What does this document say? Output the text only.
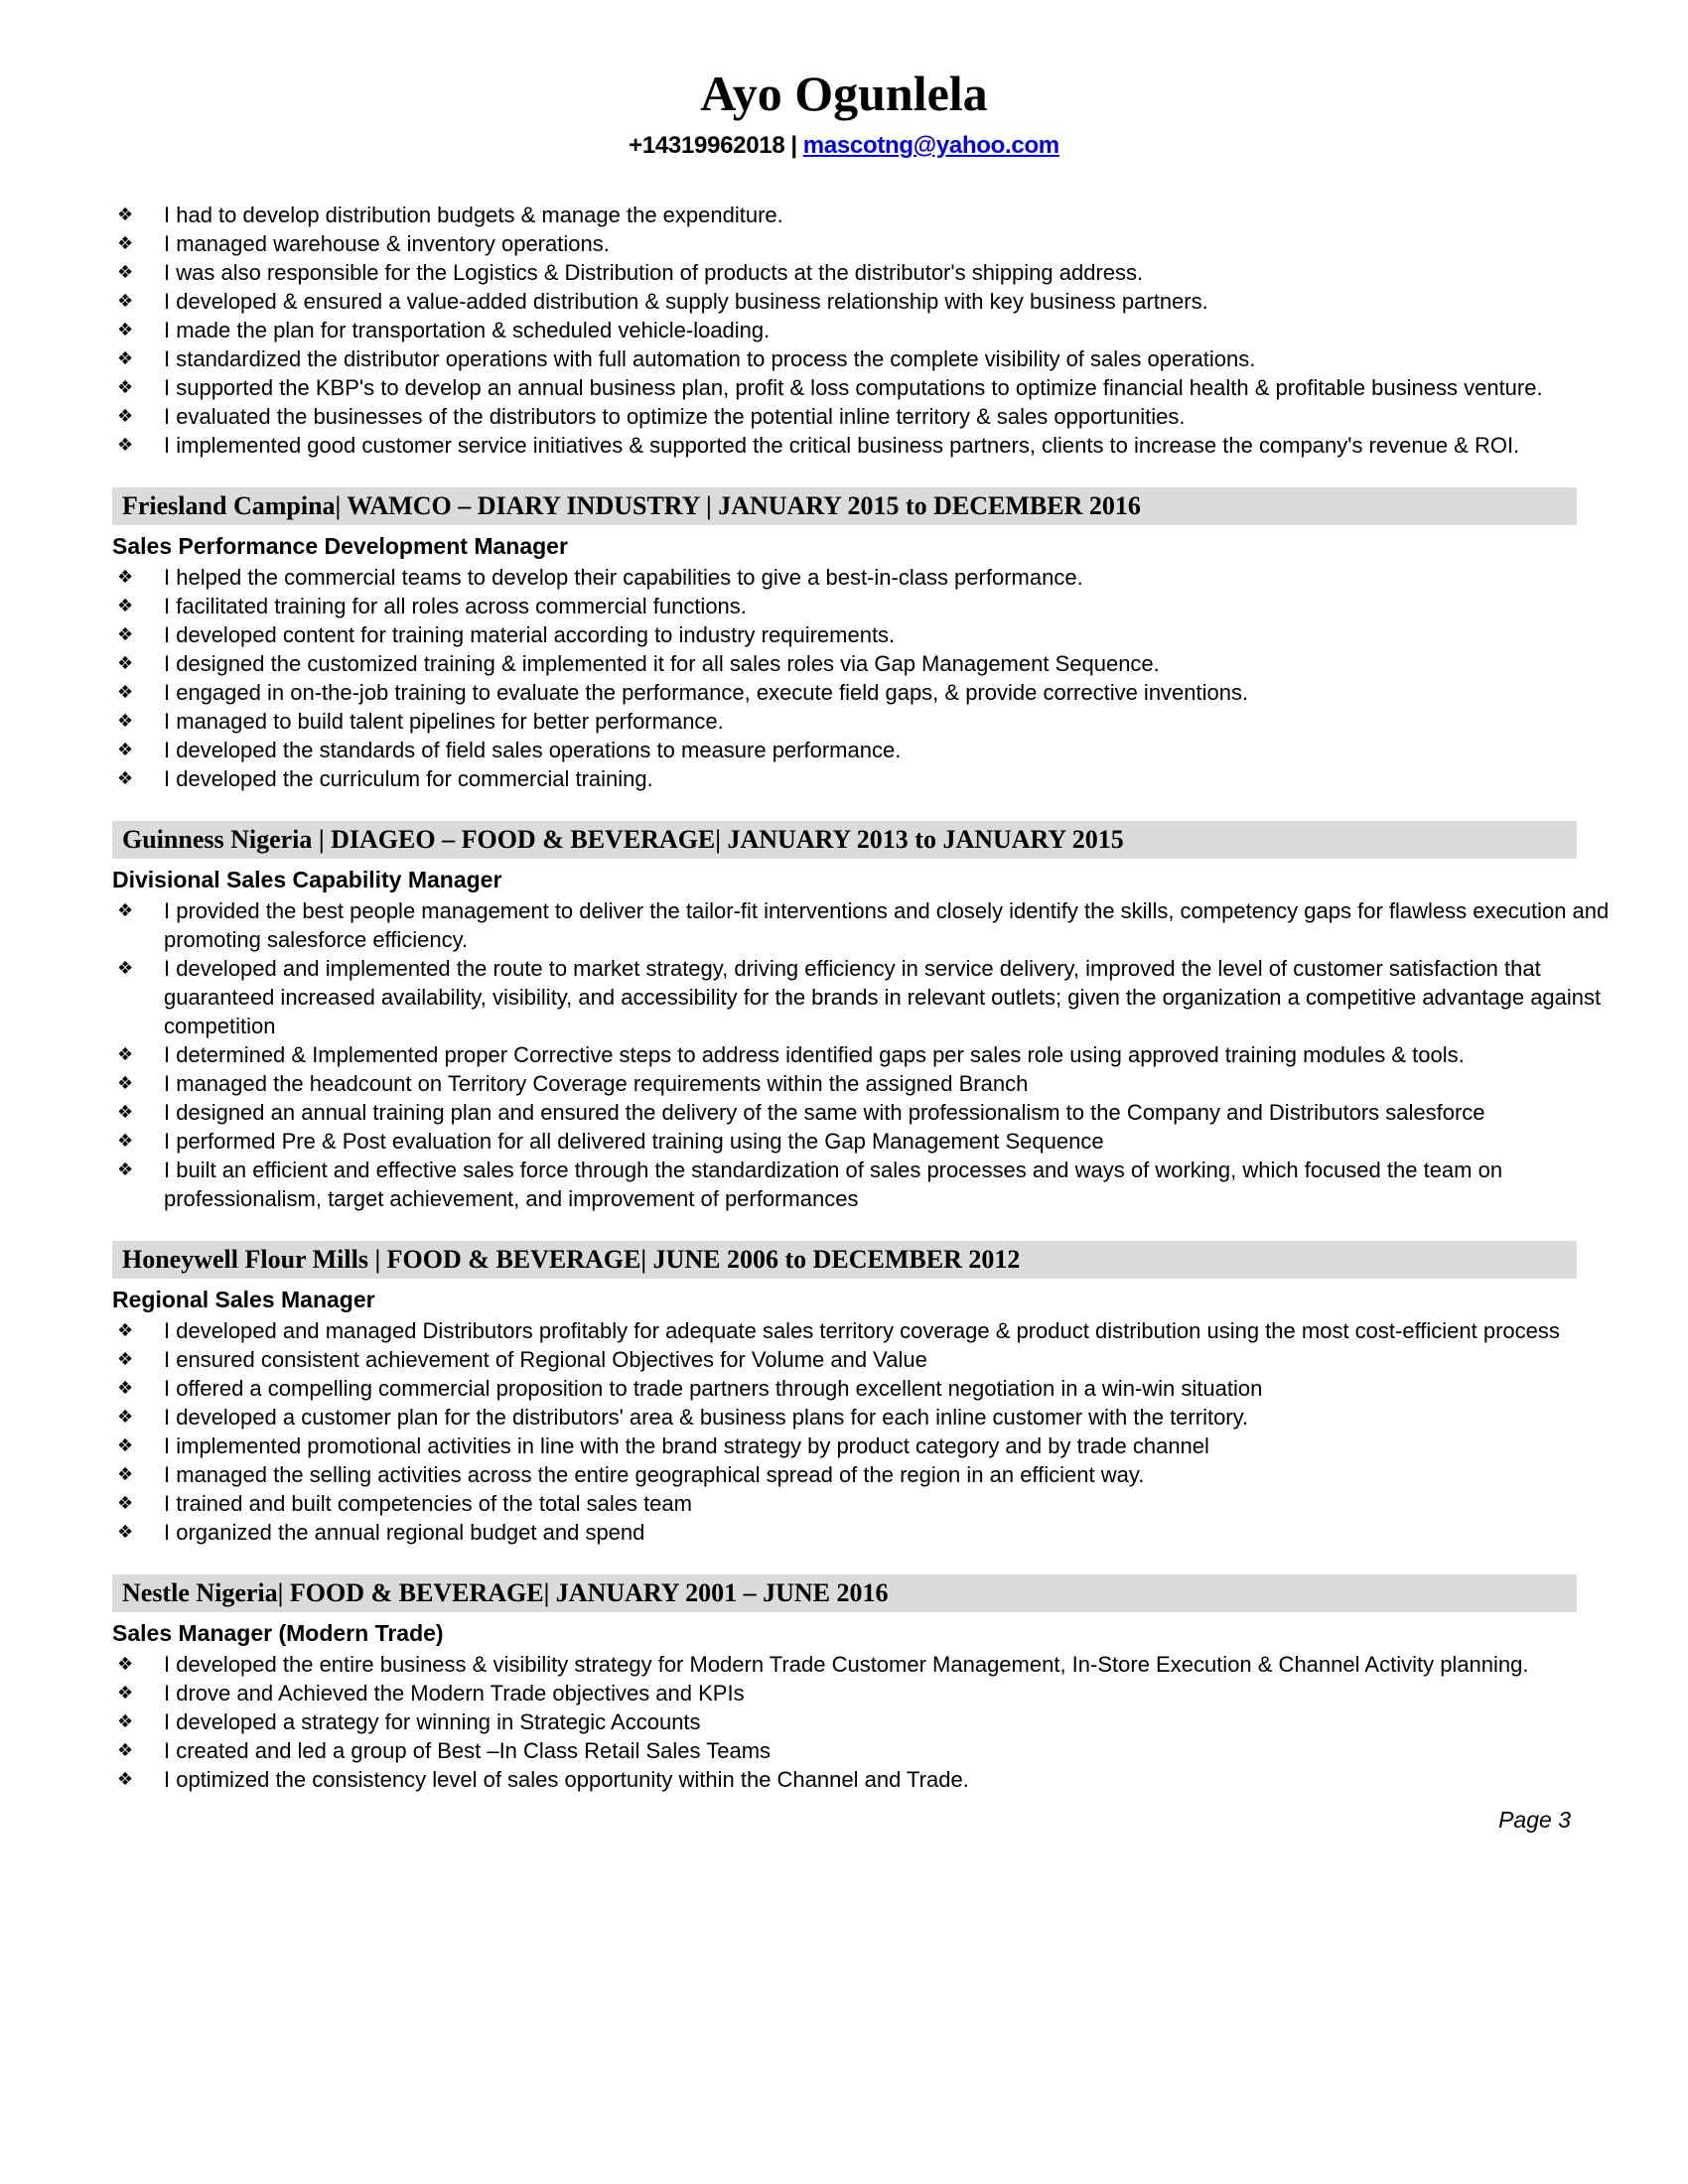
Ayo Ogunlela
+14319962018 | mascotng@yahoo.com
❖	I had to develop distribution budgets & manage the expenditure.
❖	I managed warehouse & inventory operations.
❖	I was also responsible for the Logistics & Distribution of products at the distributor's shipping address.
❖	I developed & ensured a value-added distribution & supply business relationship with key business partners.
❖	I made the plan for transportation & scheduled vehicle-loading.
❖	I standardized the distributor operations with full automation to process the complete visibility of sales operations.
❖	I supported the KBP's to develop an annual business plan, profit & loss computations to optimize financial health & profitable business venture.
❖	I evaluated the businesses of the distributors to optimize the potential inline territory & sales opportunities.
❖	I implemented good customer service initiatives & supported the critical business partners, clients to increase the company's revenue & ROI.
Friesland Campina| WAMCO – DIARY INDUSTRY | JANUARY 2015 to DECEMBER 2016
Sales Performance Development Manager
❖	I helped the commercial teams to develop their capabilities to give a best-in-class performance.
❖	I facilitated training for all roles across commercial functions.
❖	I developed content for training material according to industry requirements.
❖	I designed the customized training & implemented it for all sales roles via Gap Management Sequence.
❖	I engaged in on-the-job training to evaluate the performance, execute field gaps, & provide corrective inventions.
❖	I managed to build talent pipelines for better performance.
❖	I developed the standards of field sales operations to measure performance.
❖	I developed the curriculum for commercial training.
Guinness Nigeria | DIAGEO – FOOD & BEVERAGE| JANUARY 2013 to JANUARY 2015
Divisional Sales Capability Manager
❖	I provided the best people management to deliver the tailor-fit interventions and closely identify the skills, competency gaps for flawless execution and promoting salesforce efficiency.
❖	I developed and implemented the route to market strategy, driving efficiency in service delivery, improved the level of customer satisfaction that guaranteed increased availability, visibility, and accessibility for the brands in relevant outlets; given the organization a competitive advantage against competition
❖	I determined & Implemented proper Corrective steps to address identified gaps per sales role using approved training modules & tools.
❖	I managed the headcount on Territory Coverage requirements within the assigned Branch
❖	I designed an annual training plan and ensured the delivery of the same with professionalism to the Company and Distributors salesforce
❖	I performed Pre & Post evaluation for all delivered training using the Gap Management Sequence
❖	I built an efficient and effective sales force through the standardization of sales processes and ways of working, which focused the team on professionalism, target achievement, and improvement of performances
Honeywell Flour Mills | FOOD & BEVERAGE| JUNE 2006 to DECEMBER 2012
Regional Sales Manager
❖	I developed and managed Distributors profitably for adequate sales territory coverage & product distribution using the most cost-efficient process
❖	I ensured consistent achievement of Regional Objectives for Volume and Value
❖	I offered a compelling commercial proposition to trade partners through excellent negotiation in a win-win situation
❖	I developed a customer plan for the distributors' area & business plans for each inline customer with the territory.
❖	I implemented promotional activities in line with the brand strategy by product category and by trade channel
❖	I managed the selling activities across the entire geographical spread of the region in an efficient way.
❖	I trained and built competencies of the total sales team
❖	I organized the annual regional budget and spend
Nestle Nigeria| FOOD & BEVERAGE| JANUARY 2001 – JUNE 2016
Sales Manager (Modern Trade)
❖	I developed the entire business & visibility strategy for Modern Trade Customer Management, In-Store Execution & Channel Activity planning.
❖	I drove and Achieved the Modern Trade objectives and KPIs
❖	I developed a strategy for winning in Strategic Accounts
❖	I created and led a group of Best –In Class Retail Sales Teams
❖	I optimized the consistency level of sales opportunity within the Channel and Trade.
Page 3
